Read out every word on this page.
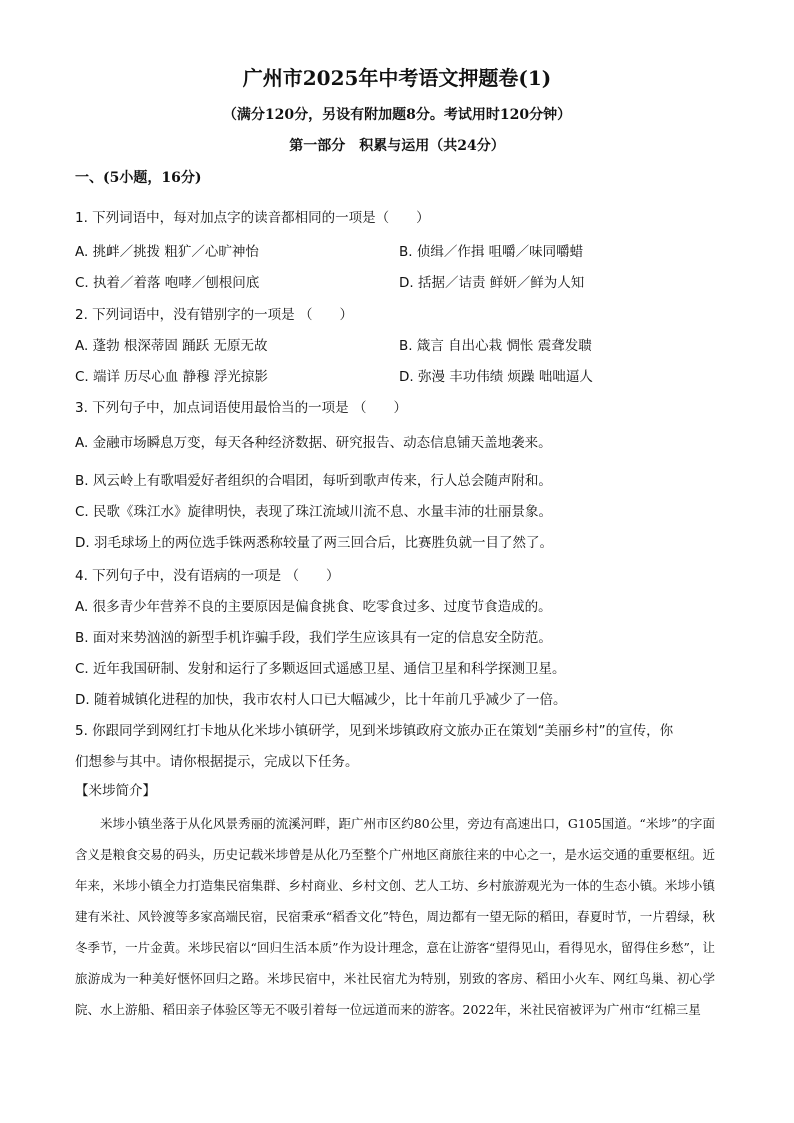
广州市2025年中考语文押题卷(1)
（满分120分，另设有附加题8分。考试用时120分钟）
第一部分　积累与运用（共24分）
一、(5小题，16分)
1. 下列词语中，每对加点字的读音都相同的一项是（　　）
A. 挑衅／挑拨 粗犷／心旷神怡	B. 侦缉／作揖 咀嚼／味同嚼蜡
C. 执着／着落 咆哮／刨根问底	D. 括据／诘责 鲜妍／鲜为人知
2. 下列词语中，没有错别字的一项是 （　　）
A. 蓬勃 根深蒂固 踊跃 无原无故	B. 箴言 自出心栽 惆怅 震聋发聩
C. 端详 历尽心血 静穆 浮光掠影	D. 弥漫 丰功伟绩 烦躁 咄咄逼人
3. 下列句子中，加点词语使用最恰当的一项是 （　　）
A. 金融市场瞬息万变，每天各种经济数据、研究报告、动态信息铺天盖地袭来。
B. 风云岭上有歌唱爱好者组织的合唱团，每听到歌声传来，行人总会随声附和。
C. 民歌《珠江水》旋律明快，表现了珠江流域川流不息、水量丰沛的壮丽景象。
D. 羽毛球场上的两位选手铢两悉称较量了两三回合后，比赛胜负就一目了然了。
4. 下列句子中，没有语病的一项是 （　　）
A. 很多青少年营养不良的主要原因是偏食挑食、吃零食过多、过度节食造成的。
B. 面对来势汹汹的新型手机诈骗手段，我们学生应该具有一定的信息安全防范。
C. 近年我国研制、发射和运行了多颗返回式遥感卫星、通信卫星和科学探测卫星。
D. 随着城镇化进程的加快，我市农村人口已大幅减少，比十年前几乎减少了一倍。
5. 你跟同学到网红打卡地从化米埗小镇研学，见到米埗镇政府文旅办正在策划“美丽乡村”的宣传，你
们想参与其中。请你根据提示，完成以下任务。
【米埗简介】
米埗小镇坐落于从化风景秀丽的流溪河畔，距广州市区约80公里，旁边有高速出口，G105国道。“米埗”的字面含义是粮食交易的码头，历史记载米埗曾是从化乃至整个广州地区商旅往来的中心之一，是水运交通的重要枢纽。近年来，米埗小镇全力打造集民宿集群、乡村商业、乡村文创、艺人工坊、乡村旅游观光为一体的生态小镇。米埗小镇建有米社、风铃渡等多家高端民宿，民宿秉承“稻香文化”特色，周边都有一望无际的稻田，春夏时节，一片碧绿，秋冬季节，一片金黄。米埗民宿以“回归生活本质”作为设计理念，意在让游客“望得见山，看得见水，留得住乡愁”，让旅游成为一种美好惬怀回归之路。米埗民宿中，米社民宿尤为特别，别致的客房、稻田小火车、网红鸟巢、初心学院、水上游船、稻田亲子体验区等无不吸引着每一位远道而来的游客。2022年，米社民宿被评为广州市“红棉三星
